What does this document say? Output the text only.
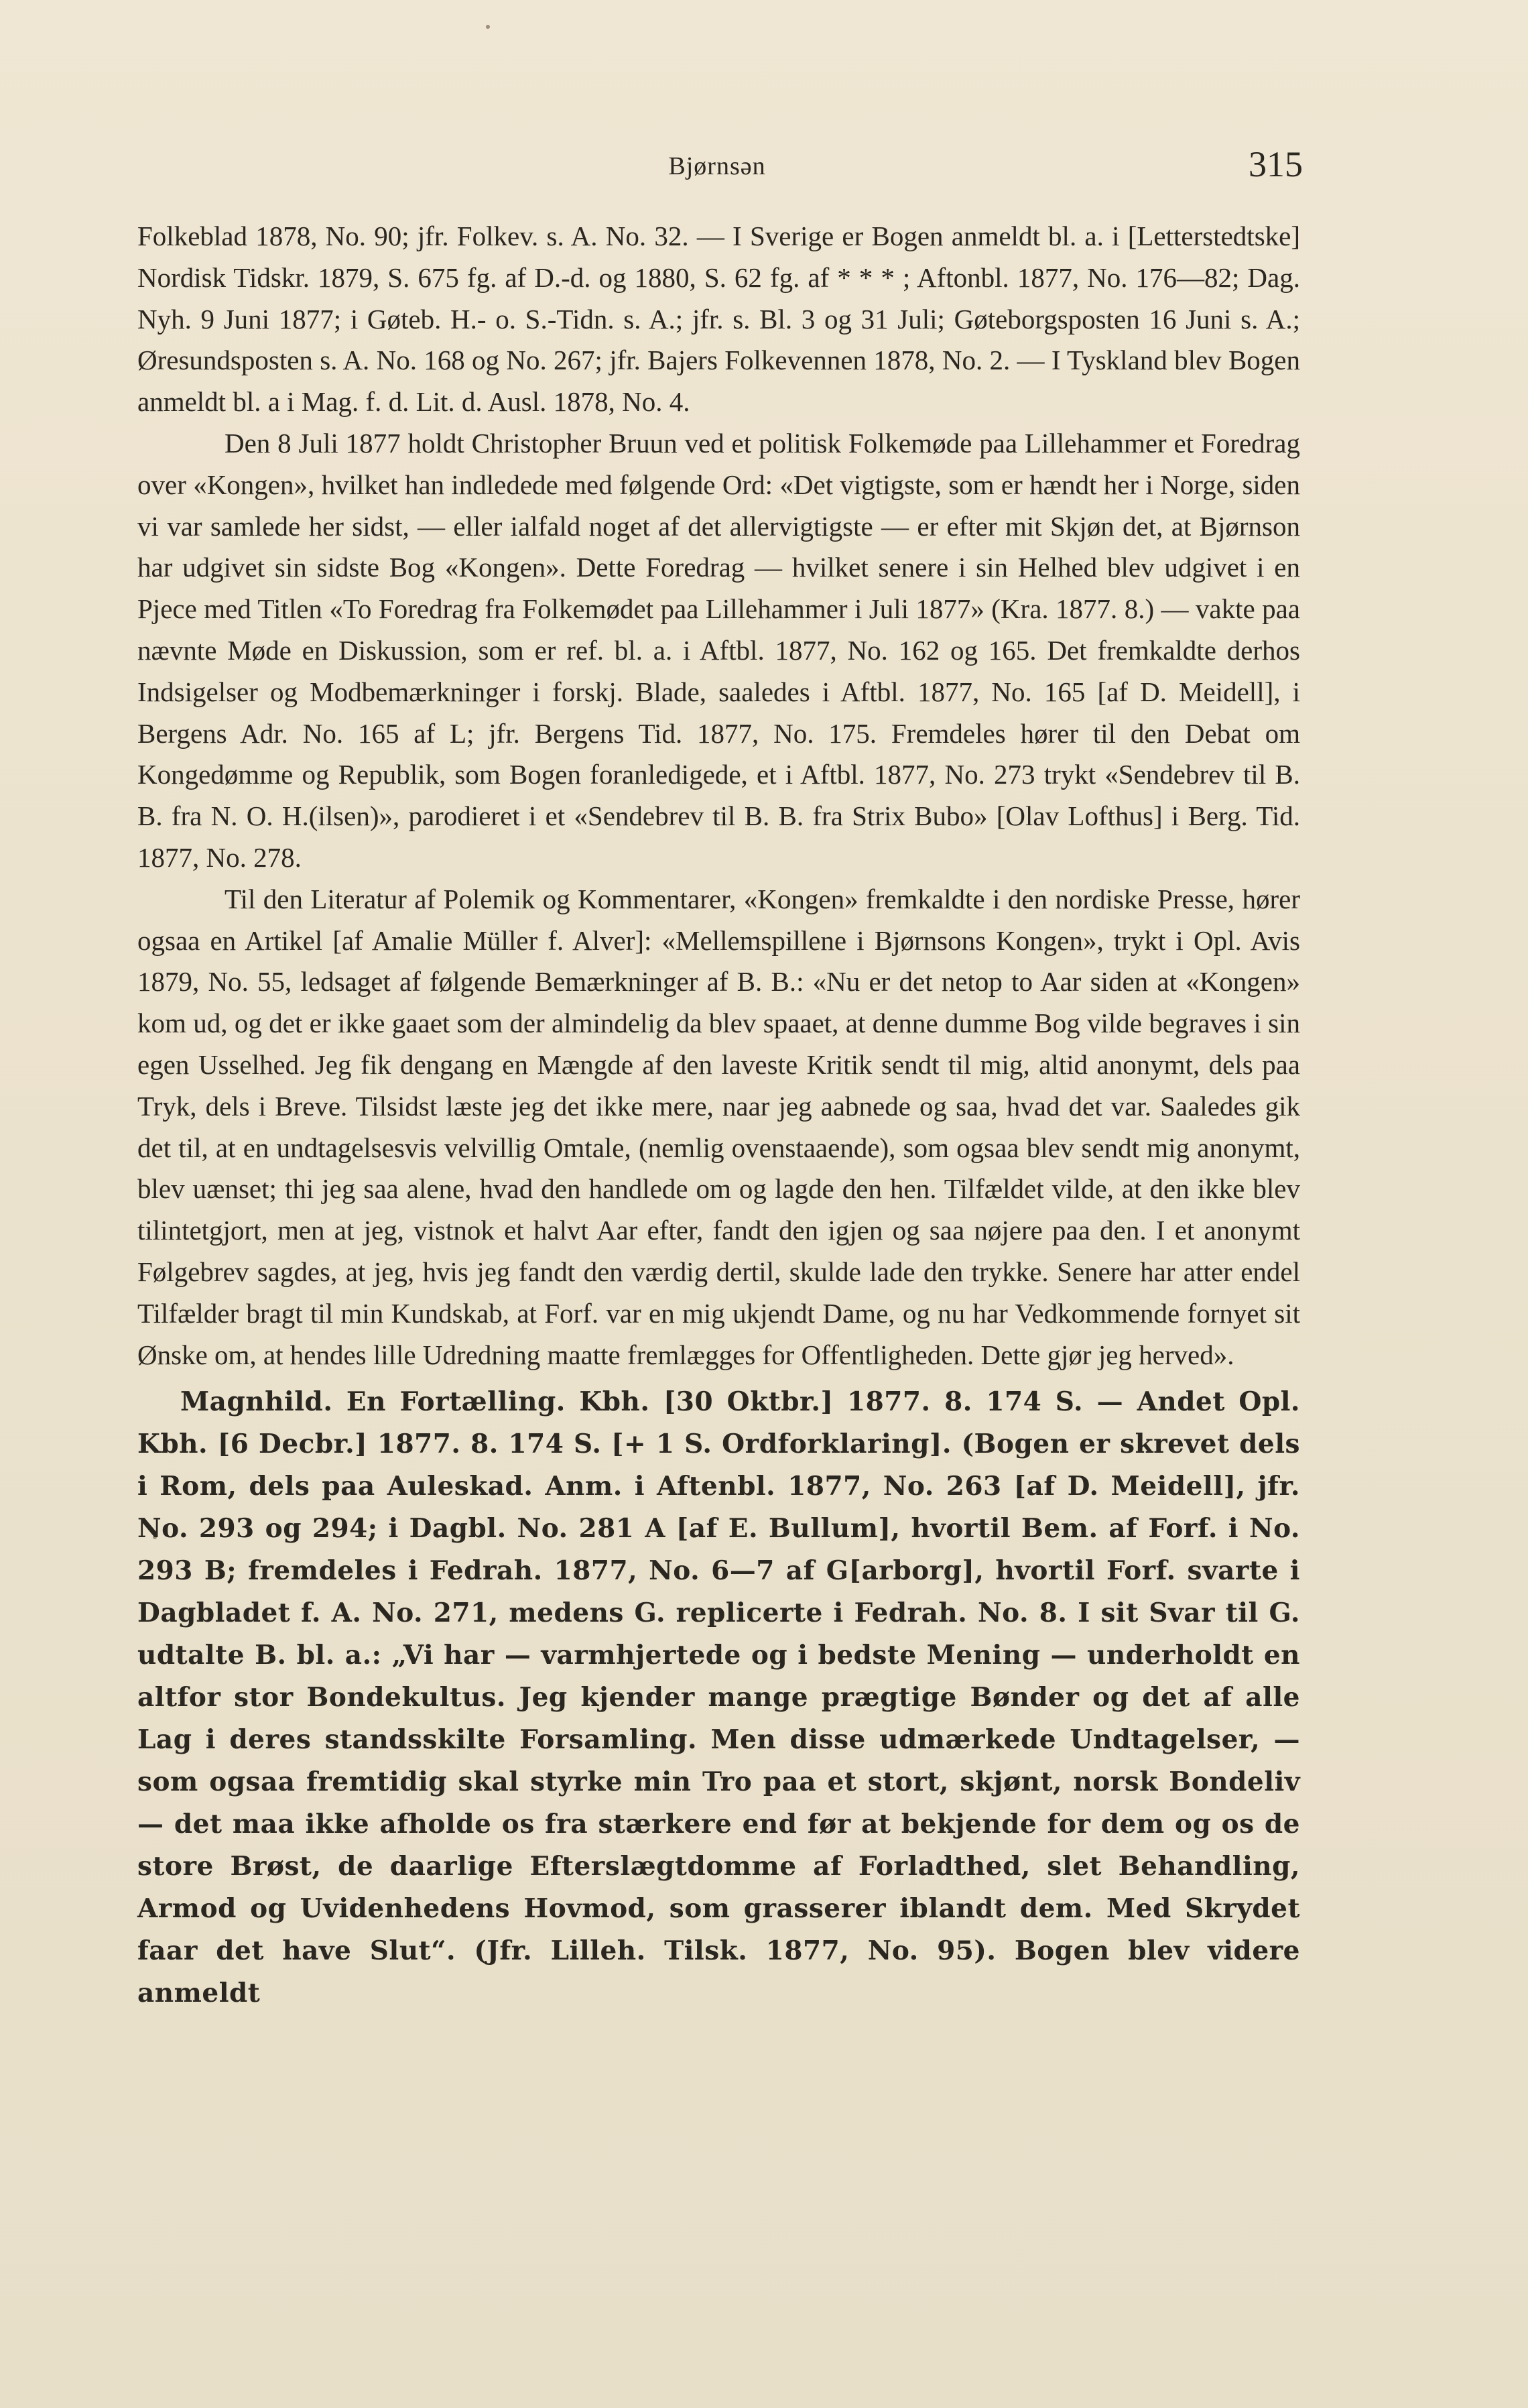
Bjørnsən	315

Folkeblad 1878, No. 90; jfr. Folkev. s. A. No. 32. — I Sverige er Bogen anmeldt bl. a. i [Letterstedtske] Nordisk Tidskr. 1879, S. 675 fg. af D.-d. og 1880, S. 62 fg. af * * * ; Aftonbl. 1877, No. 176—82; Dag. Nyh. 9 Juni 1877; i Gøteb. H.- o. S.-Tidn. s. A.; jfr. s. Bl. 3 og 31 Juli; Gøteborgsposten 16 Juni s. A.; Øresundsposten s. A. No. 168 og No. 267; jfr. Bajers Folkevennen 1878, No. 2. — I Tyskland blev Bogen anmeldt bl. a i Mag. f. d. Lit. d. Ausl. 1878, No. 4.

Den 8 Juli 1877 holdt Christopher Bruun ved et politisk Folkemøde paa Lillehammer et Foredrag over «Kongen», hvilket han indledede med følgende Ord: «Det vigtigste, som er hændt her i Norge, siden vi var samlede her sidst, — eller ialfald noget af det allervigtigste — er efter mit Skjøn det, at Bjørnson har udgivet sin sidste Bog «Kongen». Dette Foredrag — hvilket senere i sin Helhed blev udgivet i en Pjece med Titlen «To Foredrag fra Folkemødet paa Lillehammer i Juli 1877» (Kra. 1877. 8.) — vakte paa nævnte Møde en Diskussion, som er ref. bl. a. i Aftbl. 1877, No. 162 og 165. Det fremkaldte derhos Indsigelser og Modbemærkninger i forskj. Blade, saaledes i Aftbl. 1877, No. 165 [af D. Meidell], i Bergens Adr. No. 165 af L; jfr. Bergens Tid. 1877, No. 175. Fremdeles hører til den Debat om Kongedømme og Republik, som Bogen foranledigede, et i Aftbl. 1877, No. 273 trykt «Sendebrev til B. B. fra N. O. H.(ilsen)», parodieret i et «Sendebrev til B. B. fra Strix Bubo» [Olav Lofthus] i Berg. Tid. 1877, No. 278.

Til den Literatur af Polemik og Kommentarer, «Kongen» fremkaldte i den nordiske Presse, hører ogsaa en Artikel [af Amalie Müller f. Alver]: «Mellemspillene i Bjørnsons Kongen», trykt i Opl. Avis 1879, No. 55, ledsaget af følgende Bemærkninger af B. B.: «Nu er det netop to Aar siden at «Kongen» kom ud, og det er ikke gaaet som der almindelig da blev spaaet, at denne dumme Bog vilde begraves i sin egen Usselhed. Jeg fik dengang en Mængde af den laveste Kritik sendt til mig, altid anonymt, dels paa Tryk, dels i Breve. Tilsidst læste jeg det ikke mere, naar jeg aabnede og saa, hvad det var. Saaledes gik det til, at en undtagelsesvis velvillig Omtale, (nemlig ovenstaaende), som ogsaa blev sendt mig anonymt, blev uænset; thi jeg saa alene, hvad den handlede om og lagde den hen. Tilfældet vilde, at den ikke blev tilintetgjort, men at jeg, vistnok et halvt Aar efter, fandt den igjen og saa nøjere paa den. I et anonymt Følgebrev sagdes, at jeg, hvis jeg fandt den værdig dertil, skulde lade den trykke. Senere har atter endel Tilfælder bragt til min Kundskab, at Forf. var en mig ukjendt Dame, og nu har Vedkommende fornyet sit Ønske om, at hendes lille Udredning maatte fremlægges for Offentligheden. Dette gjør jeg herved».

Magnhild. En Fortælling. Kbh. [30 Oktbr.] 1877. 8. 174 S. — Andet Opl. Kbh. [6 Decbr.] 1877. 8. 174 S. [+ 1 S. Ordforklaring]. (Bogen er skrevet dels i Rom, dels paa Auleskad. Anm. i Aftenbl. 1877, No. 263 [af D. Meidell], jfr. No. 293 og 294; i Dagbl. No. 281 A [af E. Bullum], hvortil Bem. af Forf. i No. 293 B; fremdeles i Fedrah. 1877, No. 6—7 af G[arborg], hvortil Forf. svarte i Dagbladet f. A. No. 271, medens G. replicerte i Fedrah. No. 8. I sit Svar til G. udtalte B. bl. a.: „Vi har — varmhjertede og i bedste Mening — underholdt en altfor stor Bondekultus. Jeg kjender mange prægtige Bønder og det af alle Lag i deres standsskilte Forsamling. Men disse udmærkede Undtagelser, — som ogsaa fremtidig skal styrke min Tro paa et stort, skjønt, norsk Bondeliv — det maa ikke afholde os fra stærkere end før at bekjende for dem og os de store Brøst, de daarlige Efterslægtdomme af Forladthed, slet Behandling, Armod og Uvidenhedens Hovmod, som grasserer iblandt dem. Med Skrydet faar det have Slut“. (Jfr. Lilleh. Tilsk. 1877, No. 95). Bogen blev videre anmeldt
